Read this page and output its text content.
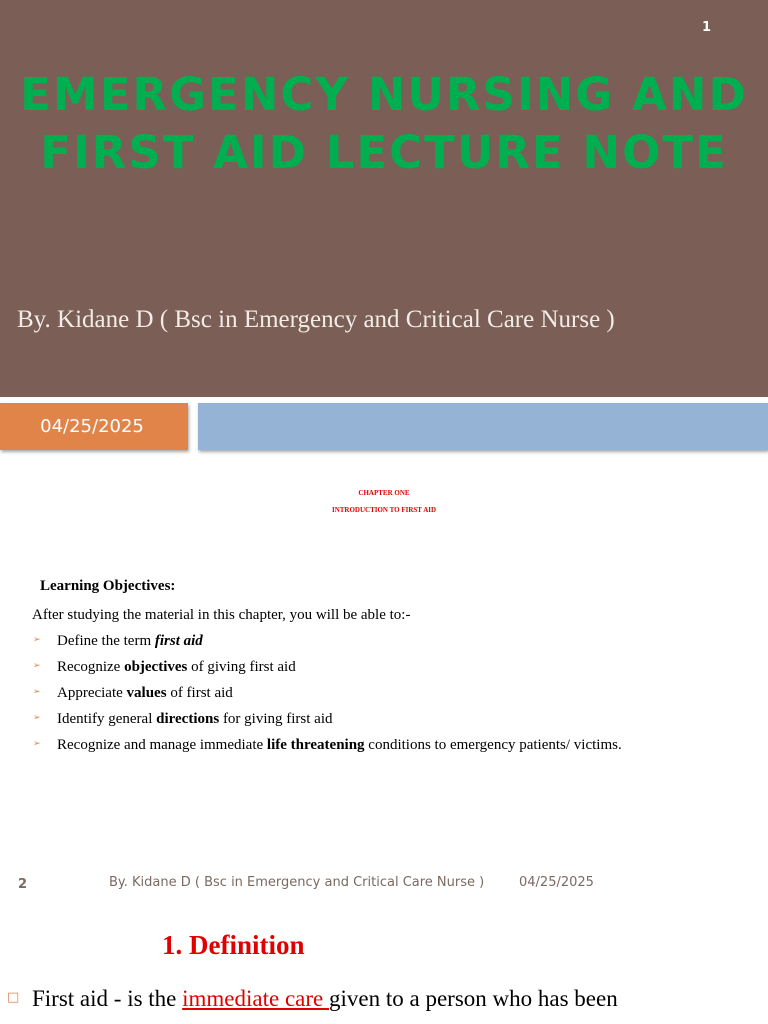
1
EMERGENCY NURSING AND FIRST AID LECTURE NOTE
By. Kidane D ( Bsc in Emergency and Critical Care Nurse )
04/25/2025
CHAPTER ONE
INTRODUCTION TO FIRST AID
Learning Objectives:
After studying the material in this chapter, you will be able to:-
➢ Define the term first aid
➢ Recognize objectives of giving first aid
➢ Appreciate values of first aid
➢ Identify general directions for giving first aid
➢ Recognize and manage immediate life threatening conditions to emergency patients/ victims.
2	By. Kidane D ( Bsc in Emergency and Critical Care Nurse )	04/25/2025
1. Definition
□ First aid - is the immediate care given to a person who has been
